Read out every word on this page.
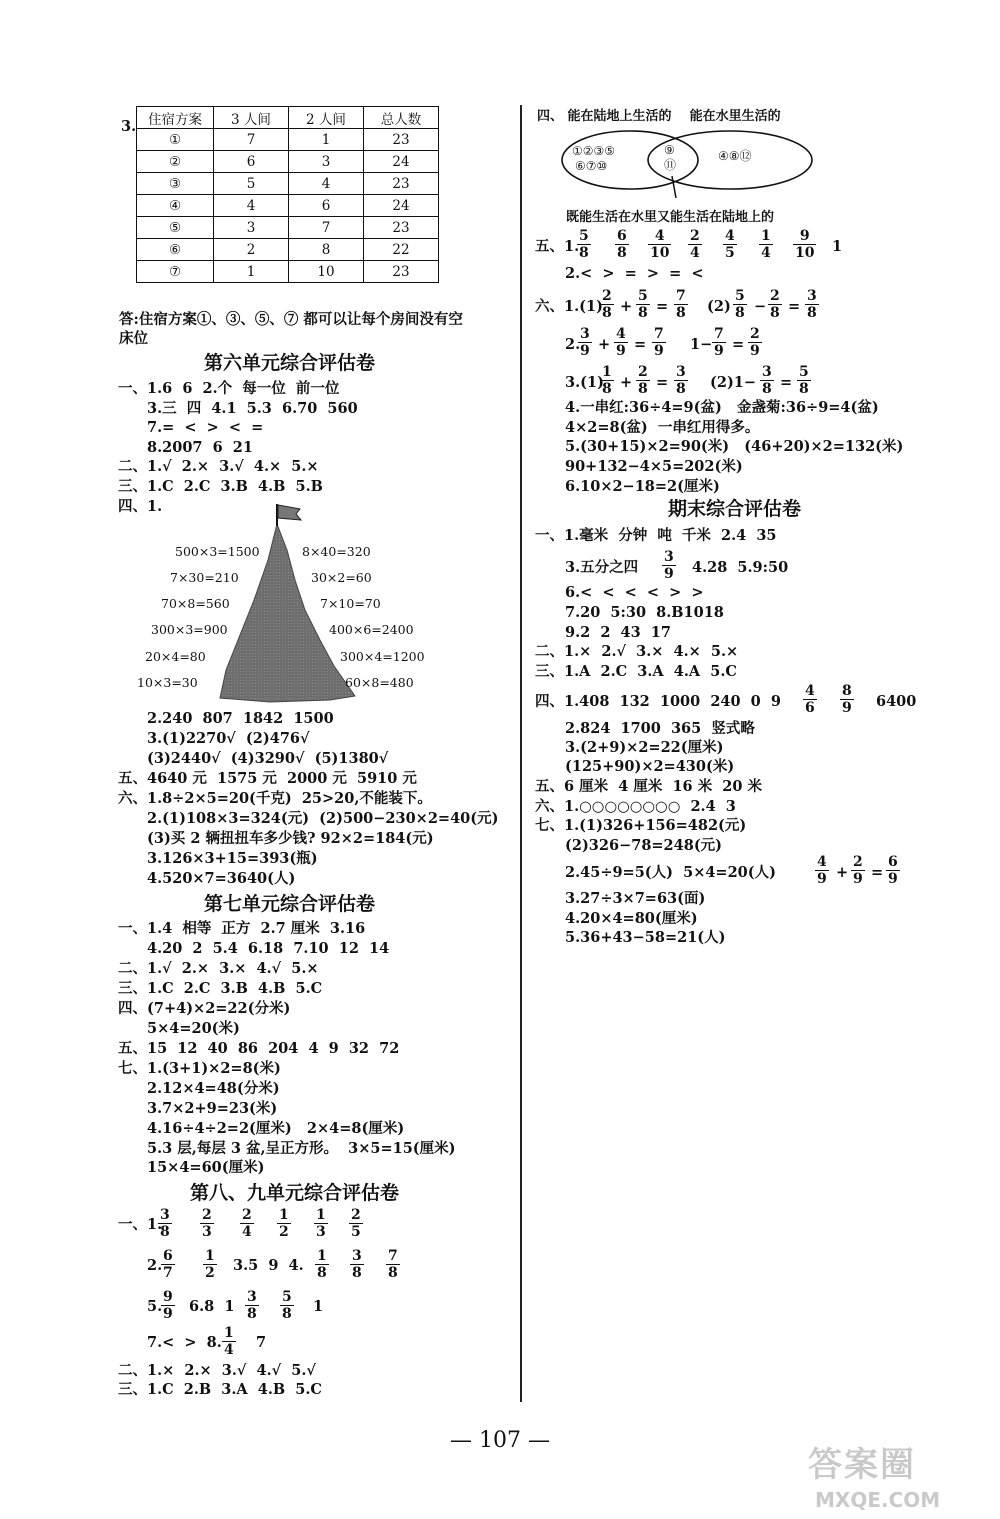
3. 住宿方案	3 人间	2 人间	总人数
①	7	1	23
②	6	3	24
③	5	4	23
④	4	6	24
⑤	3	7	23
⑥	2	8	22
⑦	1	10	23
答:住宿方案①、③、⑤、⑦ 都可以让每个房间没有空
床位
第六单元综合评估卷
一、1.6  6  2.个  每一位  前一位
3.三  四  4.1  5.3  6.70  560
7.=  <  >  <  =
8.2007  6  21
二、1.√  2.×  3.√  4.×  5.×
三、1.C  2.C  3.B  4.B  5.B
四、1.
500×3=1500	8×40=320
7×30=210	30×2=60
70×8=560	7×10=70
300×3=900	400×6=2400
20×4=80	300×4=1200
10×3=30	60×8=480
2.240  807  1842  1500
3.(1)2270√  (2)476√
(3)2440√  (4)3290√  (5)1380√
五、4640 元  1575 元  2000 元  5910 元
六、1.8÷2×5=20(千克)  25>20,不能装下。
2.(1)108×3=324(元)  (2)500−230×2=40(元)
(3)买 2 辆扭扭车多少钱? 92×2=184(元)
3.126×3+15=393(瓶)
4.520×7=3640(人)
第七单元综合评估卷
一、1.4  相等  正方  2.7 厘米  3.16
4.20  2  5.4  6.18  7.10  12  14
二、1.√  2.×  3.×  4.√  5.×
三、1.C  2.C  3.B  4.B  5.C
四、(7+4)×2=22(分米)
5×4=20(米)
五、15  12  40  86  204  4  9  32  72
七、1.(3+1)×2=8(米)
2.12×4=48(分米)
3.7×2+9=23(米)
4.16÷4÷2=2(厘米)   2×4=8(厘米)
5.3 层,每层 3 盆,呈正方形。  3×5=15(厘米)
15×4=60(厘米)
第八、九单元综合评估卷
一、1.
$\frac{3}{8} \frac{2}{3} \frac{2}{4} \frac{1}{2} \frac{1}{3} \frac{2}{5}$
2.
$\frac{6}{7} \frac{1}{2} 3.5$  9  4. $\frac{1}{8} \frac{3}{8} \frac{7}{8}$
5.
$\frac{9}{9} 6.8$  $1 \frac{3}{8} \frac{5}{8} 1$
7.<  >  8. $\frac{1}{4} 7$
二、1.×  2.×  3.√  4.√  5.√
三、1.C  2.B  3.A  4.B  5.C
四、 能在陆地上生活的    能在水里生活的
①②③⑤
⑥⑦⑩
⑨
⑪
④⑧⑫
既能生活在水里又能生活在陆地上的
五、1.
$\frac{5}{8} \frac{6}{8} \frac{4}{10} \frac{2}{4} \frac{4}{5} \frac{1}{4} \frac{9}{10} 1$
2.<  >  =  >  =  <
六、1.(1)
$\frac{2}{8} + \frac{5}{8} = \frac{7}{8} (2) \frac{5}{8} - \frac{2}{8} = \frac{3}{8}$
2.
$\frac{3}{9} + \frac{4}{9} = \frac{7}{9} 1- \frac{7}{9} = \frac{2}{9}$
3.(1)
$\frac{1}{8} + \frac{2}{8} = \frac{3}{8} (2)1- \frac{3}{8} = \frac{5}{8}$
4.一串红:36÷4=9(盆)   金盏菊:36÷9=4(盆)
4×2=8(盆)  一串红用得多。
5.(30+15)×2=90(米)   (46+20)×2=132(米)
90+132−4×5=202(米)
6.10×2−18=2(厘米)
期末综合评估卷
一、1.毫米  分钟  吨  千米  2.4  35
3.五分之四 $\frac{3}{9} 4.28$  5.9:50
6.<  <  <  <  >  >
7.20  5:30  8.B1018
9.2  2  43  17
二、1.×  2.√  3.×  4.×  5.×
三、1.A  2.C  3.A  4.A  5.C
四、1.408  132  1000  240  0  $9 \frac{4}{6} \frac{8}{9} 6400$
2.824  1700  365  竖式略
3.(2+9)×2=22(厘米)
(125+90)×2=430(米)
五、6 厘米  4 厘米  16 米  20 米
六、1.○○○○○○○○  2.4  3
七、1.(1)326+156=482(元)
(2)326−78=248(元)
2.45÷9=5(人)  5×4=20(人)	$\frac{4}{9} + \frac{2}{9} = \frac{6}{9}$
3.27÷3×7=63(面)
4.20×4=80(厘米)
5.36+43−58=21(人)
— 107 —
答案圈
MXQE.COM
